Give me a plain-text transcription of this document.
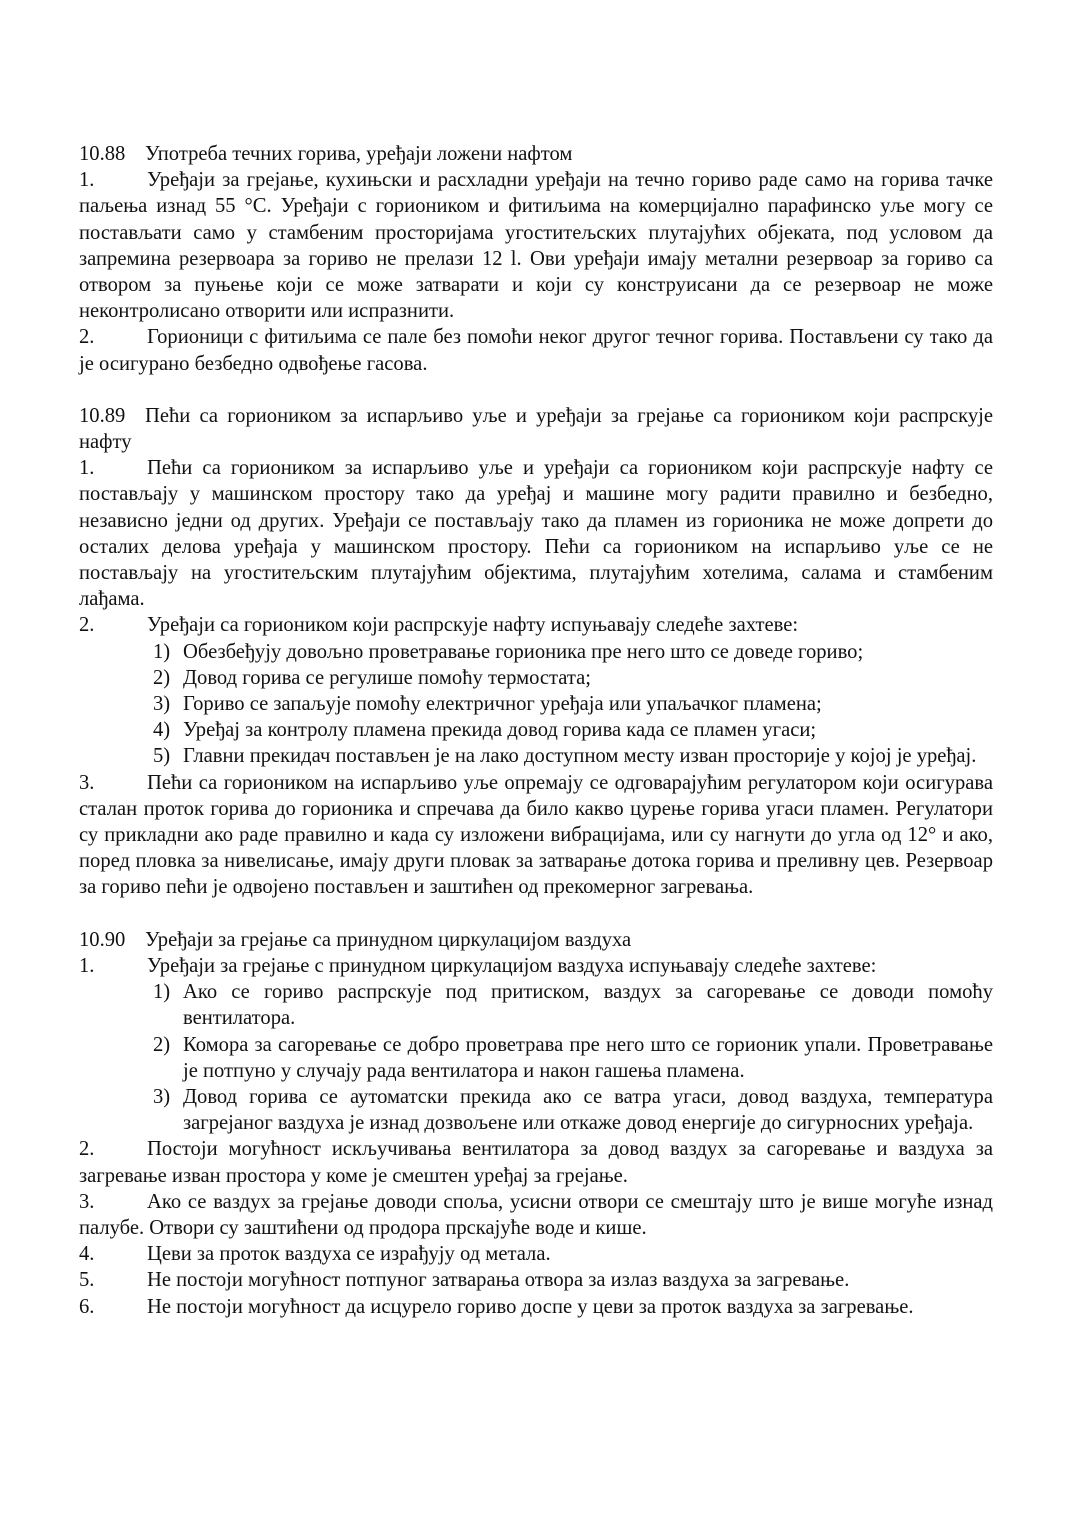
10.88 Употреба течних горива, уређаји ложени нафтом
1.	Уређаји за грејање, кухињски и расхладни уређаји на течно гориво раде само на горива тачке паљења изнад 55 °C. Уређаји с гориоником и фитиљима на комерцијално парафинско уље могу се постављати само у стамбеним просторијама угоститељских плутајућих објеката, под условом да запремина резервоара за гориво не прелази 12 l. Ови уређаји имају метални резервоар за гориво са отвором за пуњење који се може затварати и који су конструисани да се резервоар не може неконтролисано отворити или испразнити.
2.	Горионици с фитиљима се пале без помоћи неког другог течног горива. Постављени су тако да је осигурано безбедно одвођење гасова.
10.89 Пећи са гориоником за испарљиво уље и уређаји за грејање са гориоником који распрскује нафту
1.	Пећи са гориоником за испарљиво уље и уређаји са гориоником који распрскује нафту се постављају у машинском простору тако да уређај и машине могу радити правилно и безбедно, независно једни од других. Уређаји се постављају тако да пламен из горионика не може допрети до осталих делова уређаја у машинском простору. Пећи са гориоником на испарљиво уље се не постављају на угоститељским плутајућим објектима, плутајућим хотелима, салама и стамбеним лађама.
2.	Уређаји са гориоником који распрскује нафту испуњавају следеће захтеве:
1) Обезбеђују довољно проветравање горионика пре него што се доведе гориво;
2) Довод горива се регулише помоћу термостата;
3) Гориво се запаљује помоћу електричног уређаја или упаљачког пламена;
4) Уређај за контролу пламена прекида довод горива када се пламен угаси;
5) Главни прекидач постављен је на лако доступном месту изван просторије у којој је уређај.
3.	Пећи са гориоником на испарљиво уље опремају се одговарајућим регулатором који осигурава сталан проток горива до горионика и спречава да било какво цурење горива угаси пламен. Регулатори су прикладни ако раде правилно и када су изложени вибрацијама, или су нагнути до угла од 12° и ако, поред пловка за нивелисање, имају други пловак за затварање дотока горива и преливну цев. Резервоар за гориво пећи је одвојено постављен и заштићен од прекомерног загревања.
10.90 Уређаји за грејање са принудном циркулацијом ваздуха
1.	Уређаји за грејање с принудном циркулацијом ваздуха испуњавају следеће захтеве:
1) Ако се гориво распрскује под притиском, ваздух за сагоревање се доводи помоћу вентилатора.
2) Комора за сагоревање се добро проветрава пре него што се горионик упали. Проветравање је потпуно у случају рада вентилатора и након гашења пламена.
3) Довод горива се аутоматски прекида ако се ватра угаси, довод ваздуха, температура загрејаног ваздуха је изнад дозвољене или откаже довод енергије до сигурносних уређаја.
2.	Постоји могућност искључивања вентилатора за довод ваздух за сагоревање и ваздуха за загревање изван простора у коме је смештен уређај за грејање.
3.	Ако се ваздух за грејање доводи споља, усисни отвори се смештају што је више могуће изнад палубе. Отвори су заштићени од продора прскајуће воде и кише.
4.	Цеви за проток ваздуха се израђују од метала.
5.	Не постоји могућност потпуног затварања отвора за излаз ваздуха за загревање.
6.	Не постоји могућност да исцурело гориво доспе у цеви за проток ваздуха за загревање.
